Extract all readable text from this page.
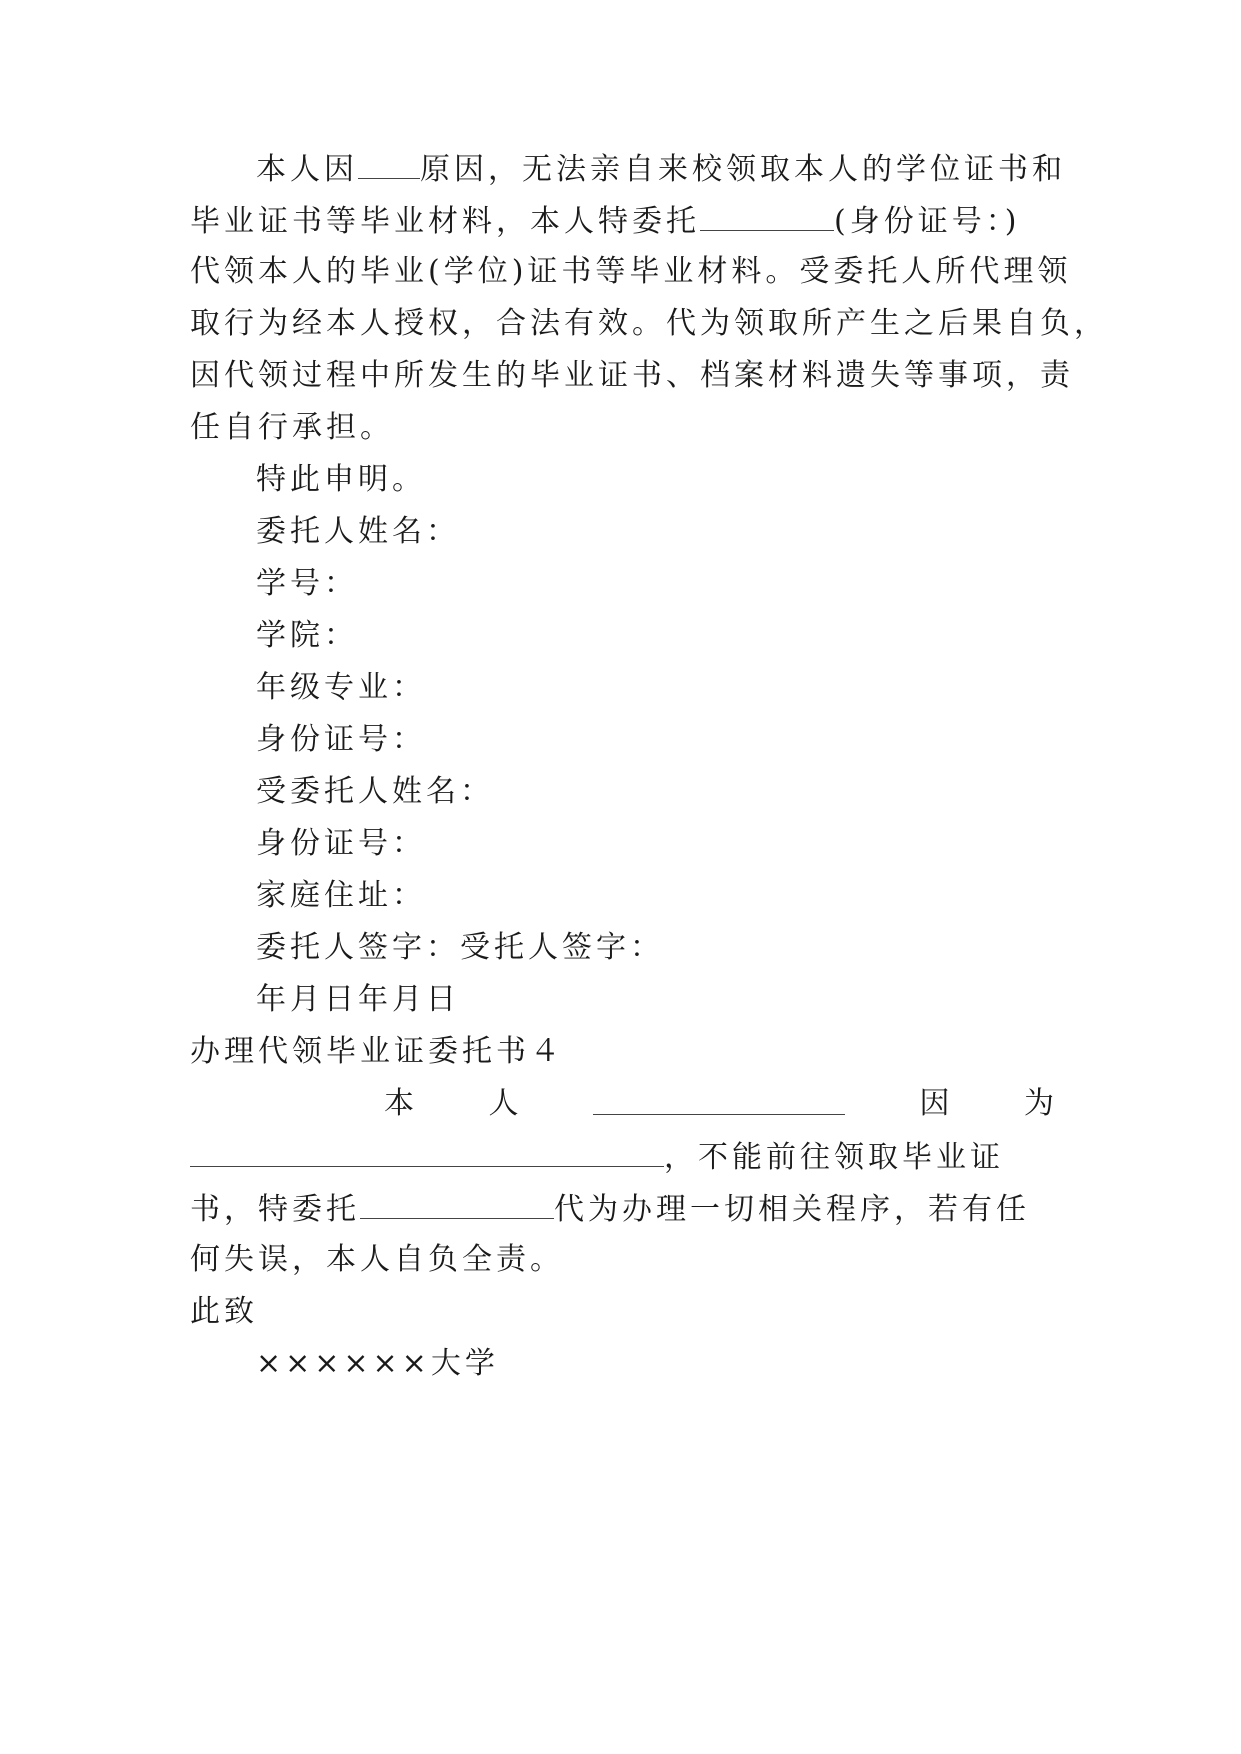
本人因 原因，无法亲自来校领取本人的学位证书和
毕业证书等毕业材料，本人特委托	(身份证号：)
代领本人的毕业(学位)证书等毕业材料。受委托人所代理领
取行为经本人授权，合法有效。代为领取所产生之后果自负，
因代领过程中所发生的毕业证书、档案材料遗失等事项，责
任自行承担。
特此申明。
委托人姓名：
学号：
学院：
年级专业：
身份证号：
受委托人姓名：
身份证号：
家庭住址：
委托人签字：受托人签字：
年月日年月日
办理代领毕业证委托书４
本 人	因 为
，不能前往领取毕业证
书，特委托	代为办理一切相关程序，若有任
何失误，本人自负全责。
此致
××××××大学
